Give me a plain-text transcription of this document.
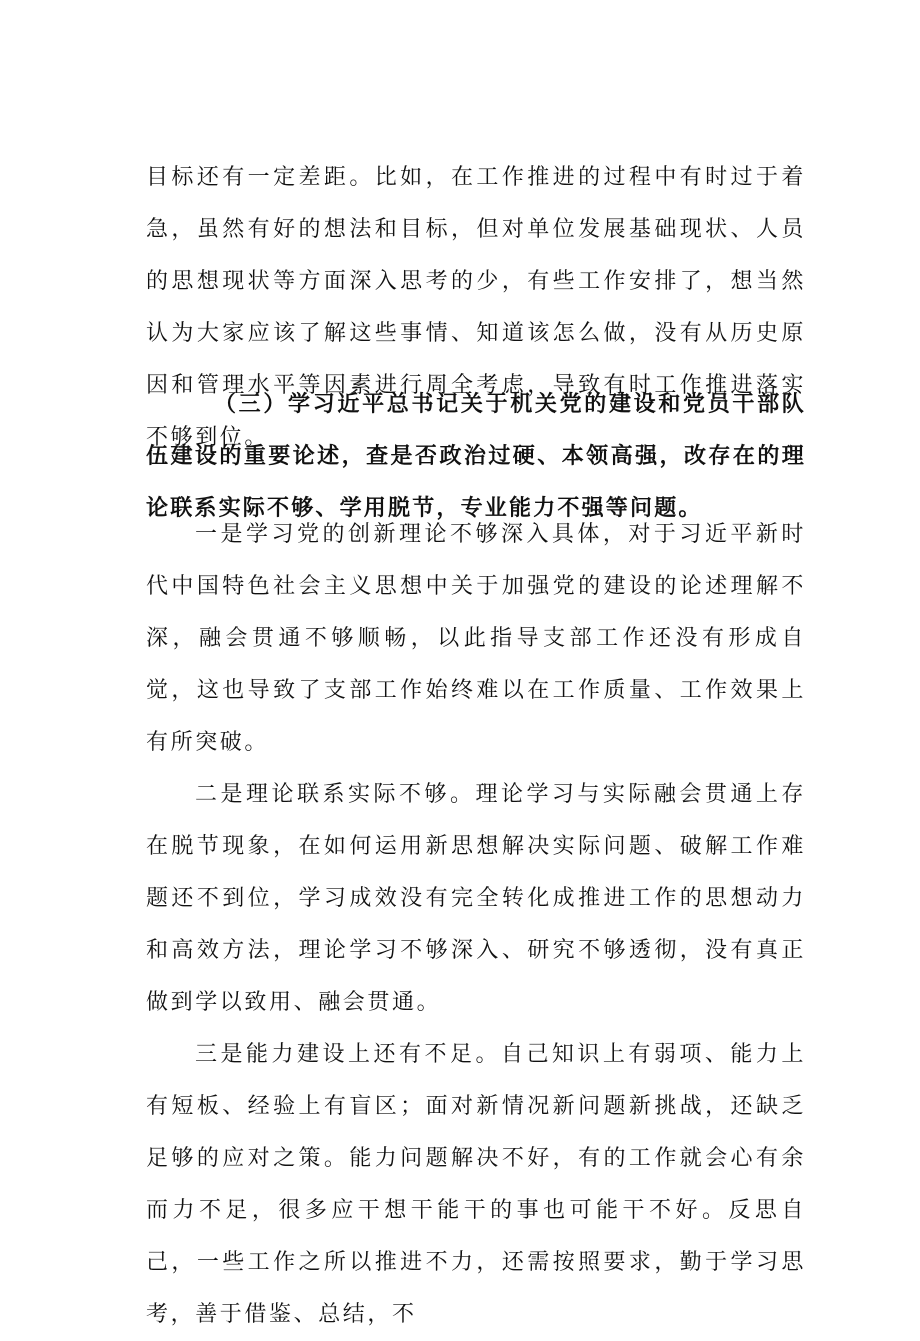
目标还有一定差距。比如，在工作推进的过程中有时过于着急，虽然有好的想法和目标，但对单位发展基础现状、人员的思想现状等方面深入思考的少，有些工作安排了，想当然认为大家应该了解这些事情、知道该怎么做，没有从历史原因和管理水平等因素进行周全考虑，导致有时工作推进落实不够到位。

（三）学习近平总书记关于机关党的建设和党员干部队伍建设的重要论述，查是否政治过硬、本领高强，改存在的理论联系实际不够、学用脱节，专业能力不强等问题。

一是学习党的创新理论不够深入具体，对于习近平新时代中国特色社会主义思想中关于加强党的建设的论述理解不深，融会贯通不够顺畅，以此指导支部工作还没有形成自觉，这也导致了支部工作始终难以在工作质量、工作效果上有所突破。

二是理论联系实际不够。理论学习与实际融会贯通上存在脱节现象，在如何运用新思想解决实际问题、破解工作难题还不到位，学习成效没有完全转化成推进工作的思想动力和高效方法，理论学习不够深入、研究不够透彻，没有真正做到学以致用、融会贯通。

三是能力建设上还有不足。自己知识上有弱项、能力上有短板、经验上有盲区；面对新情况新问题新挑战，还缺乏足够的应对之策。能力问题解决不好，有的工作就会心有余而力不足，很多应干想干能干的事也可能干不好。反思自己，一些工作之所以推进不力，还需按照要求，勤于学习思考，善于借鉴、总结，不
